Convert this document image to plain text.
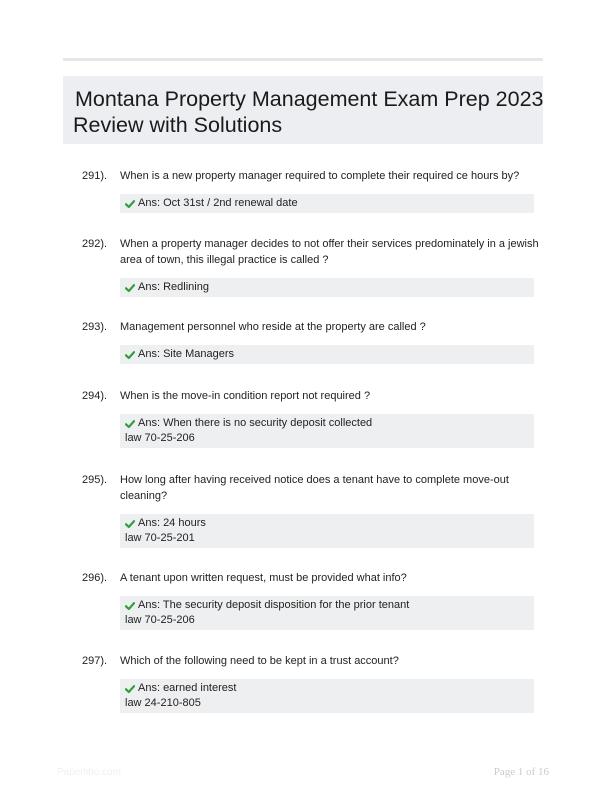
Montana Property Management Exam Prep 2023
Review with Solutions
291). When is a new property manager required to complete their required ce hours by?
Ans: Oct 31st / 2nd renewal date
292). When a property manager decides to not offer their services predominately in a jewish area of town, this illegal practice is called ?
Ans: Redlining
293). Management personnel who reside at the property are called ?
Ans: Site Managers
294). When is the move-in condition report not required ?
Ans: When there is no security deposit collected
law 70-25-206
295). How long after having received notice does a tenant have to complete move-out cleaning?
Ans: 24 hours
law 70-25-201
296). A tenant upon written request, must be provided what info?
Ans: The security deposit disposition for the prior tenant
law 70-25-206
297). Which of the following need to be kept in a trust account?
Ans: earned interest
law 24-210-805
Paperlibo.com	Page 1 of 16
